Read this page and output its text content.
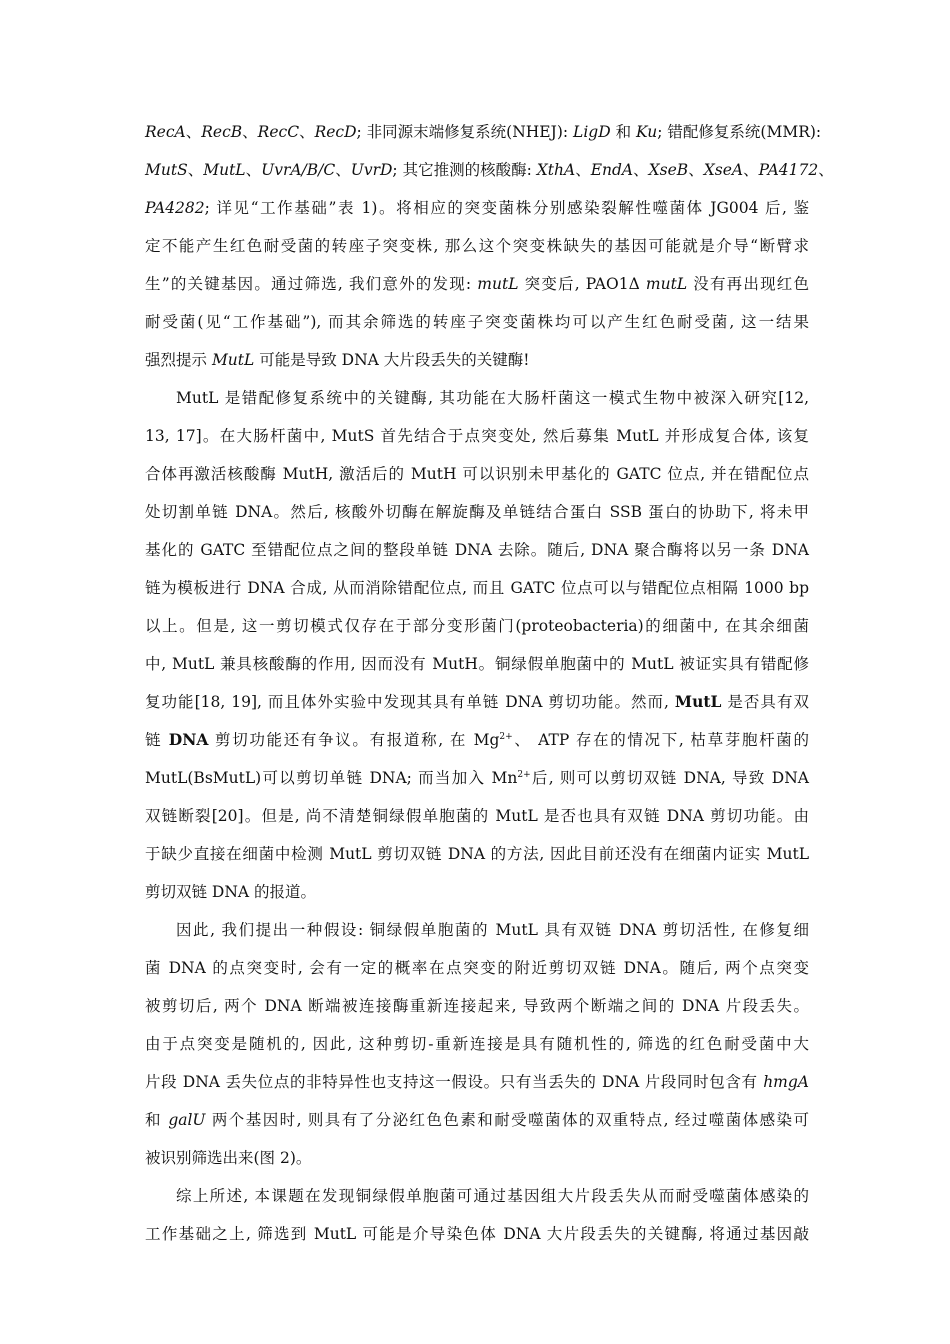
RecA、RecB、RecC、RecD; 非同源末端修复系统(NHEJ): LigD 和 Ku; 错配修复系统(MMR):
MutS、MutL、UvrA/B/C、UvrD; 其它推测的核酸酶: XthA、EndA、XseB、XseA、PA4172、
PA4282; 详见“工作基础”表 1)。将相应的突变菌株分别感染裂解性噬菌体 JG004 后, 鉴
定不能产生红色耐受菌的转座子突变株, 那么这个突变株缺失的基因可能就是介导“断臂求
生”的关键基因。通过筛选, 我们意外的发现: mutL 突变后, PAO1Δ mutL 没有再出现红色
耐受菌(见“工作基础”), 而其余筛选的转座子突变菌株均可以产生红色耐受菌, 这一结果
强烈提示 MutL 可能是导致 DNA 大片段丢失的关键酶!
MutL 是错配修复系统中的关键酶, 其功能在大肠杆菌这一模式生物中被深入研究[12,
13, 17]。在大肠杆菌中, MutS 首先结合于点突变处, 然后募集 MutL 并形成复合体, 该复
合体再激活核酸酶 MutH, 激活后的 MutH 可以识别未甲基化的 GATC 位点, 并在错配位点
处切割单链 DNA。然后, 核酸外切酶在解旋酶及单链结合蛋白 SSB 蛋白的协助下, 将未甲
基化的 GATC 至错配位点之间的整段单链 DNA 去除。随后, DNA 聚合酶将以另一条 DNA
链为模板进行 DNA 合成, 从而消除错配位点, 而且 GATC 位点可以与错配位点相隔 1000 bp
以上。但是, 这一剪切模式仅存在于部分变形菌门(proteobacteria)的细菌中, 在其余细菌
中, MutL 兼具核酸酶的作用, 因而没有 MutH。铜绿假单胞菌中的 MutL 被证实具有错配修
复功能[18, 19], 而且体外实验中发现其具有单链 DNA 剪切功能。然而, MutL 是否具有双
链 DNA 剪切功能还有争议。有报道称, 在 $Mg^{2+}$、 ATP 存在的情况下, 枯草芽胞杆菌的
MutL(BsMutL)可以剪切单链 DNA; 而当加入 $Mn^{2+}$后, 则可以剪切双链 DNA, 导致 DNA
双链断裂[20]。但是, 尚不清楚铜绿假单胞菌的 MutL 是否也具有双链 DNA 剪切功能。由
于缺少直接在细菌中检测 MutL 剪切双链 DNA 的方法, 因此目前还没有在细菌内证实 MutL
剪切双链 DNA 的报道。
因此, 我们提出一种假设: 铜绿假单胞菌的 MutL 具有双链 DNA 剪切活性, 在修复细
菌 DNA 的点突变时, 会有一定的概率在点突变的附近剪切双链 DNA。随后, 两个点突变
被剪切后, 两个 DNA 断端被连接酶重新连接起来, 导致两个断端之间的 DNA 片段丢失。
由于点突变是随机的, 因此, 这种剪切-重新连接是具有随机性的, 筛选的红色耐受菌中大
片段 DNA 丢失位点的非特异性也支持这一假设。只有当丢失的 DNA 片段同时包含有 hmgA
和 galU 两个基因时, 则具有了分泌红色色素和耐受噬菌体的双重特点, 经过噬菌体感染可
被识别筛选出来(图 2)。
综上所述, 本课题在发现铜绿假单胞菌可通过基因组大片段丢失从而耐受噬菌体感染的
工作基础之上, 筛选到 MutL 可能是介导染色体 DNA 大片段丢失的关键酶, 将通过基因敲
